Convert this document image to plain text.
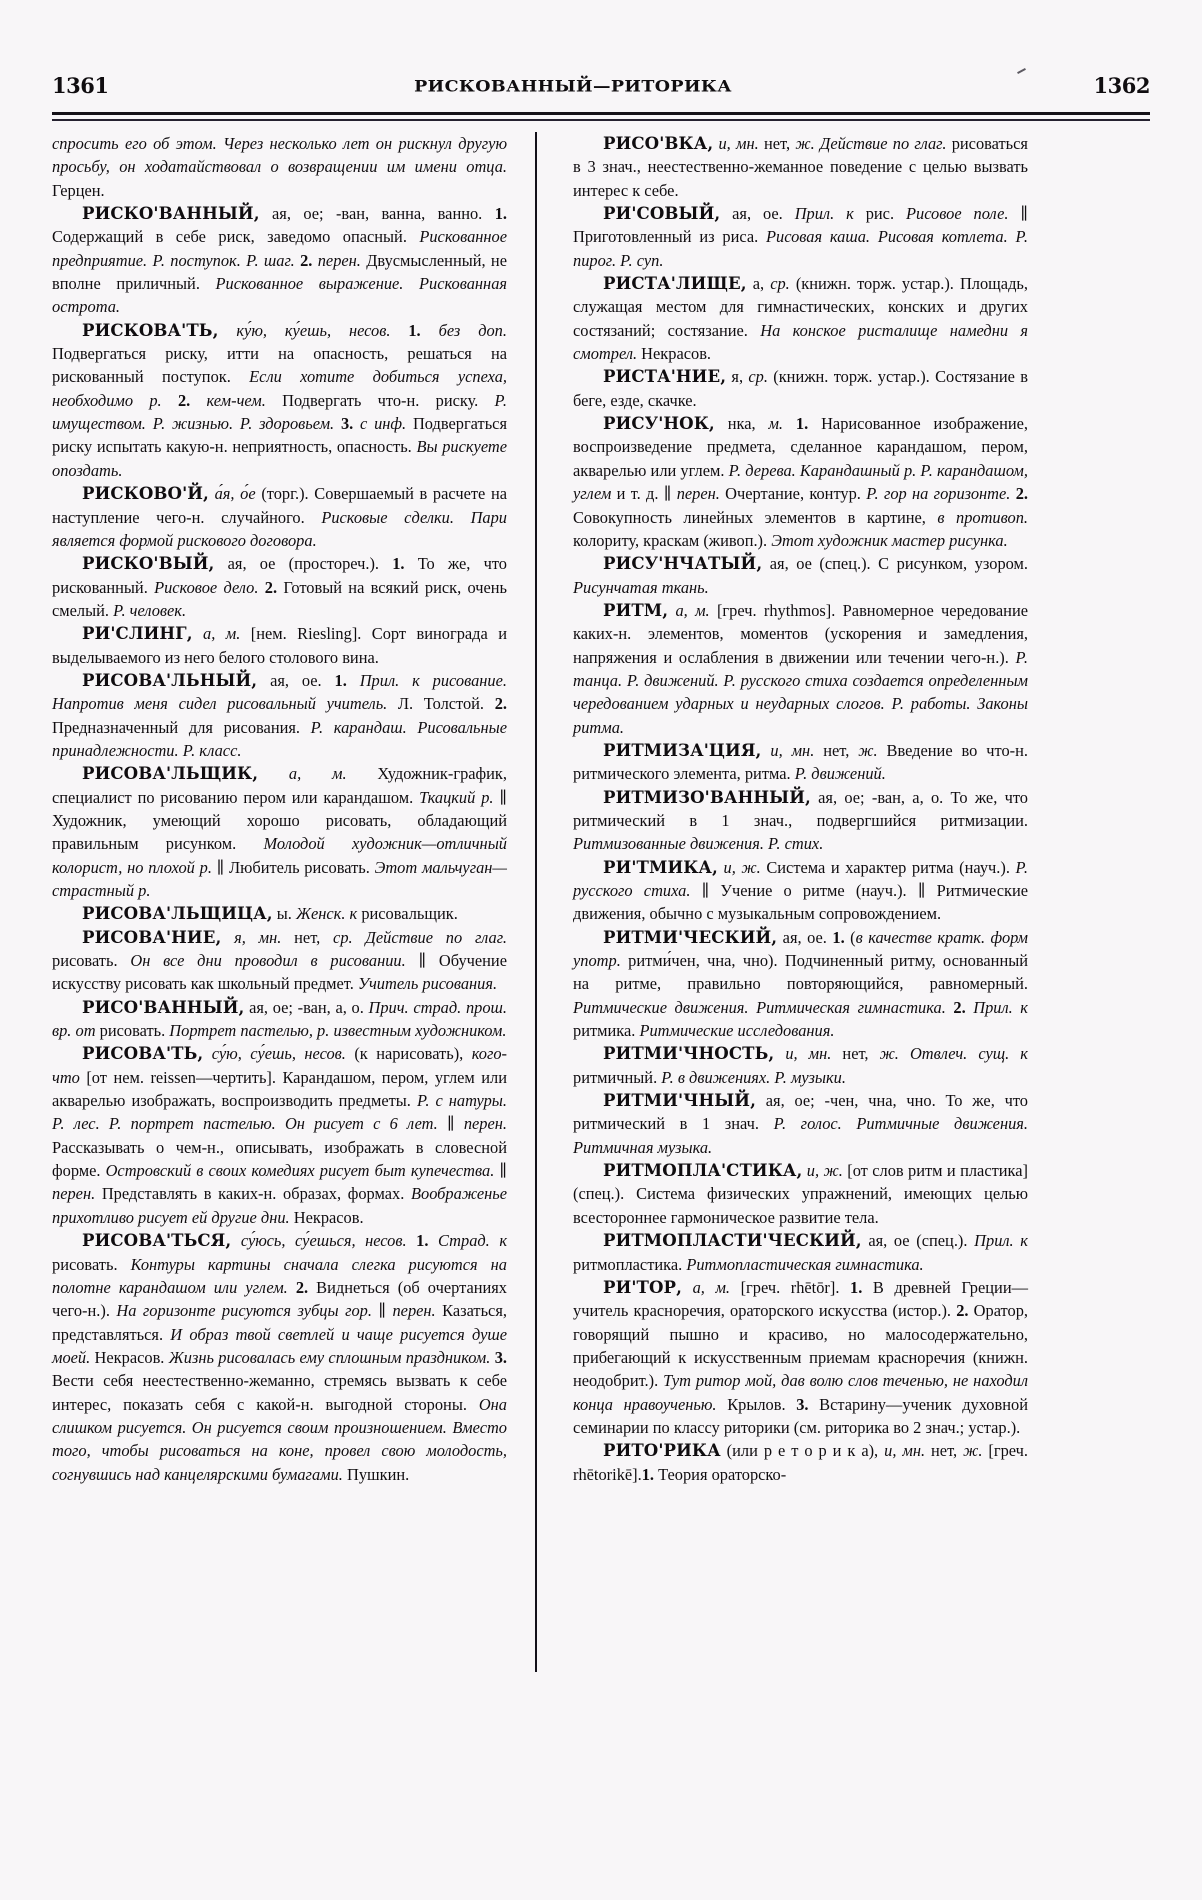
1361	РИСКОВАННЫЙ—РИТОРИКА	1362

спросить его об этом. Через несколько лет он рискнул другую просьбу, он ходатайствовал о возвращении им имени отца. Герцен.

РИСКО'ВАННЫЙ, ая, ое; -ван, ванна, ванно. 1. Содержащий в себе риск, заведомо опасный. Рискованное предприятие. Р. поступок. Р. шаг. 2. перен. Двусмысленный, не вполне приличный. Рискованное выражение. Рискованная острота.

РИСКОВА'ТЬ, ку́ю, ку́ешь, несов. 1. без доп. Подвергаться риску, итти на опасность, решаться на рискованный поступок. Если хотите добиться успеха, необходимо р. 2. кем-чем. Подвергать что-н. риску. Р. имуществом. Р. жизнью. Р. здоровьем. 3. с инф. Подвергаться риску испытать какую-н. неприятность, опасность. Вы рискуете опоздать.

РИСКОВО'Й, а́я, о́е (торг.). Совершаемый в расчете на наступление чего-н. случайного. Рисковые сделки. Пари является формой рискового договора.

РИСКО'ВЫЙ, ая, ое (простореч.). 1. То же, что рискованный. Рисковое дело. 2. Готовый на всякий риск, очень смелый. Р. человек.

РИ'СЛИНГ, а, м. [нем. Riesling]. Сорт винограда и выделываемого из него белого столового вина.

РИСОВА'ЛЬНЫЙ, ая, ое. 1. Прил. к рисование. Напротив меня сидел рисовальный учитель. Л. Толстой. 2. Предназначенный для рисования. Р. карандаш. Рисовальные принадлежности. Р. класс.

РИСОВА'ЛЬЩИК, а, м. Художник-график, специалист по рисованию пером или карандашом. Ткацкий р. ∥ Художник, умеющий хорошо рисовать, обладающий правильным рисунком. Молодой художник—отличный колорист, но плохой р. ∥ Любитель рисовать. Этот мальчуган—страстный р.

РИСОВА'ЛЬЩИЦА, ы. Женск. к рисовальщик.

РИСОВА'НИЕ, я, мн. нет, ср. Действие по глаг. рисовать. Он все дни проводил в рисовании. ∥ Обучение искусству рисовать как школьный предмет. Учитель рисования.

РИСО'ВАННЫЙ, ая, ое; -ван, а, о. Прич. страд. прош. вр. от рисовать. Портрет пастелью, р. известным художником.

РИСОВА'ТЬ, су́ю, су́ешь, несов. (к нарисовать), кого-что [от нем. reissen—чертить]. Карандашом, пером, углем или акварелью изображать, воспроизводить предметы. Р. с натуры. Р. лес. Р. портрет пастелью. Он рисует с 6 лет. ∥ перен. Рассказывать о чем-н., описывать, изображать в словесной форме. Островский в своих комедиях рисует быт купечества. ∥ перен. Представлять в каких-н. образах, формах. Воображенье прихотливо рисует ей другие дни. Некрасов.

РИСОВА'ТЬСЯ, су́юсь, су́ешься, несов. 1. Страд. к рисовать. Контуры картины сначала слегка рисуются на полотне карандашом или углем. 2. Виднеться (об очертаниях чего-н.). На горизонте рисуются зубцы гор. ∥ перен. Казаться, представляться. И образ твой светлей и чаще рисуется душе моей. Некрасов. Жизнь рисовалась ему сплошным праздником. 3. Вести себя неестественно-жеманно, стремясь вызвать к себе интерес, показать себя с какой-н. выгодной стороны. Она слишком рисуется. Он рисуется своим произношением. Вместо того, чтобы рисоваться на коне, провел свою молодость, согнувшись над канцелярскими бумагами. Пушкин.

РИСО'ВКА, и, мн. нет, ж. Действие по глаг. рисоваться в 3 знач., неестественно-жеманное поведение с целью вызвать интерес к себе.

РИ'СОВЫЙ, ая, ое. Прил. к рис. Рисовое поле. ∥ Приготовленный из риса. Рисовая каша. Рисовая котлета. Р. пирог. Р. суп.

РИСТА'ЛИЩЕ, а, ср. (книжн. торж. устар.). Площадь, служащая местом для гимнастических, конских и других состязаний; состязание. На конское ристалище намедни я смотрел. Некрасов.

РИСТА'НИЕ, я, ср. (книжн. торж. устар.). Состязание в беге, езде, скачке.

РИСУ'НОК, нка, м. 1. Нарисованное изображение, воспроизведение предмета, сделанное карандашом, пером, акварелью или углем. Р. дерева. Карандашный р. Р. карандашом, углем и т. д. ∥ перен. Очертание, контур. Р. гор на горизонте. 2. Совокупность линейных элементов в картине, в противоп. колориту, краскам (живоп.). Этот художник мастер рисунка.

РИСУ'НЧАТЫЙ, ая, ое (спец.). С рисунком, узором. Рисунчатая ткань.

РИТМ, а, м. [греч. rhythmos]. Равномерное чередование каких-н. элементов, моментов (ускорения и замедления, напряжения и ослабления в движении или течении чего-н.). Р. танца. Р. движений. Р. русского стиха создается определенным чередованием ударных и неударных слогов. Р. работы. Законы ритма.

РИТМИЗА'ЦИЯ, и, мн. нет, ж. Введение во что-н. ритмического элемента, ритма. Р. движений.

РИТМИЗО'ВАННЫЙ, ая, ое; -ван, а, о. То же, что ритмический в 1 знач., подвергшийся ритмизации. Ритмизованные движения. Р. стих.

РИ'ТМИКА, и, ж. Система и характер ритма (науч.). Р. русского стиха. ∥ Учение о ритме (науч.). ∥ Ритмические движения, обычно с музыкальным сопровождением.

РИТМИ'ЧЕСКИЙ, ая, ое. 1. (в качестве кратк. форм употр. ритми́чен, чна, чно). Подчиненный ритму, основанный на ритме, правильно повторяющийся, равномерный. Ритмические движения. Ритмическая гимнастика. 2. Прил. к ритмика. Ритмические исследования.

РИТМИ'ЧНОСТЬ, и, мн. нет, ж. Отвлеч. сущ. к ритмичный. Р. в движениях. Р. музыки.

РИТМИ'ЧНЫЙ, ая, ое; -чен, чна, чно. То же, что ритмический в 1 знач. Р. голос. Ритмичные движения. Ритмичная музыка.

РИТМОПЛА'СТИКА, и, ж. [от слов ритм и пластика] (спец.). Система физических упражнений, имеющих целью всестороннее гармоническое развитие тела.

РИТМОПЛАСТИ'ЧЕСКИЙ, ая, ое (спец.). Прил. к ритмопластика. Ритмопластическая гимнастика.

РИ'ТОР, а, м. [греч. rhētōr]. 1. В древней Греции—учитель красноречия, ораторского искусства (истор.). 2. Оратор, говорящий пышно и красиво, но малосодержательно, прибегающий к искусственным приемам красноречия (книжн. неодобрит.). Тут ритор мой, дав волю слов теченью, не находил конца нравоученью. Крылов. 3. Встарину—ученик духовной семинарии по классу риторики (см. риторика во 2 знач.; устар.).

РИТО'РИКА (или р е т о р и к а), и, мн. нет, ж. [греч. rhētorikē].1. Теория ораторско-
